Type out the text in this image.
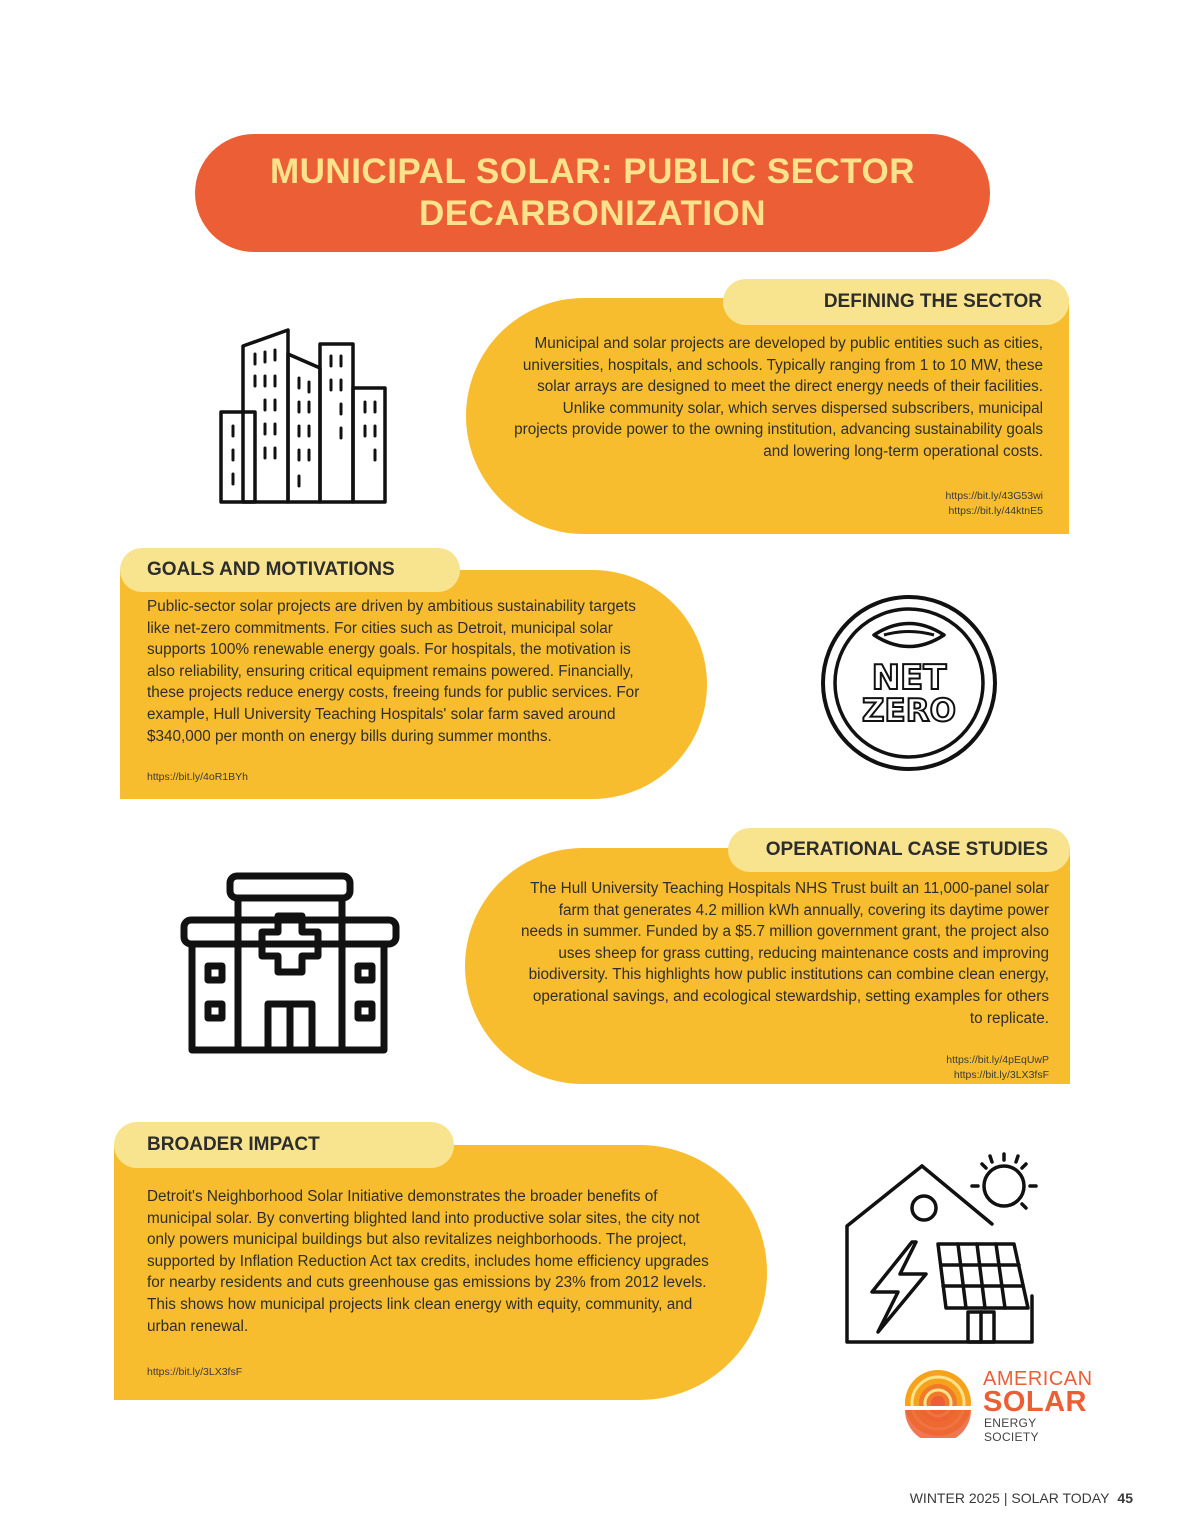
MUNICIPAL SOLAR: PUBLIC SECTOR
DECARBONIZATION
DEFINING THE SECTOR
Municipal and solar projects are developed by public entities such as cities, universities, hospitals, and schools. Typically ranging from 1 to 10 MW, these solar arrays are designed to meet the direct energy needs of their facilities. Unlike community solar, which serves dispersed subscribers, municipal projects provide power to the owning institution, advancing sustainability goals and lowering long-term operational costs.
https://bit.ly/43G53wi
https://bit.ly/44ktnE5
GOALS AND MOTIVATIONS
Public-sector solar projects are driven by ambitious sustainability targets like net-zero commitments. For cities such as Detroit, municipal solar supports 100% renewable energy goals. For hospitals, the motivation is also reliability, ensuring critical equipment remains powered. Financially, these projects reduce energy costs, freeing funds for public services. For example, Hull University Teaching Hospitals' solar farm saved around $340,000 per month on energy bills during summer months.
https://bit.ly/4oR1BYh
NET
ZERO
OPERATIONAL CASE STUDIES
The Hull University Teaching Hospitals NHS Trust built an 11,000-panel solar farm that generates 4.2 million kWh annually, covering its daytime power needs in summer. Funded by a $5.7 million government grant, the project also uses sheep for grass cutting, reducing maintenance costs and improving biodiversity. This highlights how public institutions can combine clean energy, operational savings, and ecological stewardship, setting examples for others to replicate.
https://bit.ly/4pEqUwP
https://bit.ly/3LX3fsF
BROADER IMPACT
Detroit's Neighborhood Solar Initiative demonstrates the broader benefits of municipal solar. By converting blighted land into productive solar sites, the city not only powers municipal buildings but also revitalizes neighborhoods. The project, supported by Inflation Reduction Act tax credits, includes home efficiency upgrades for nearby residents and cuts greenhouse gas emissions by 23% from 2012 levels. This shows how municipal projects link clean energy with equity, community, and urban renewal.
https://bit.ly/3LX3fsF	AMERICAN
SOLAR
ENERGY SOCIETY
WINTER 2025 | SOLAR TODAY 45
